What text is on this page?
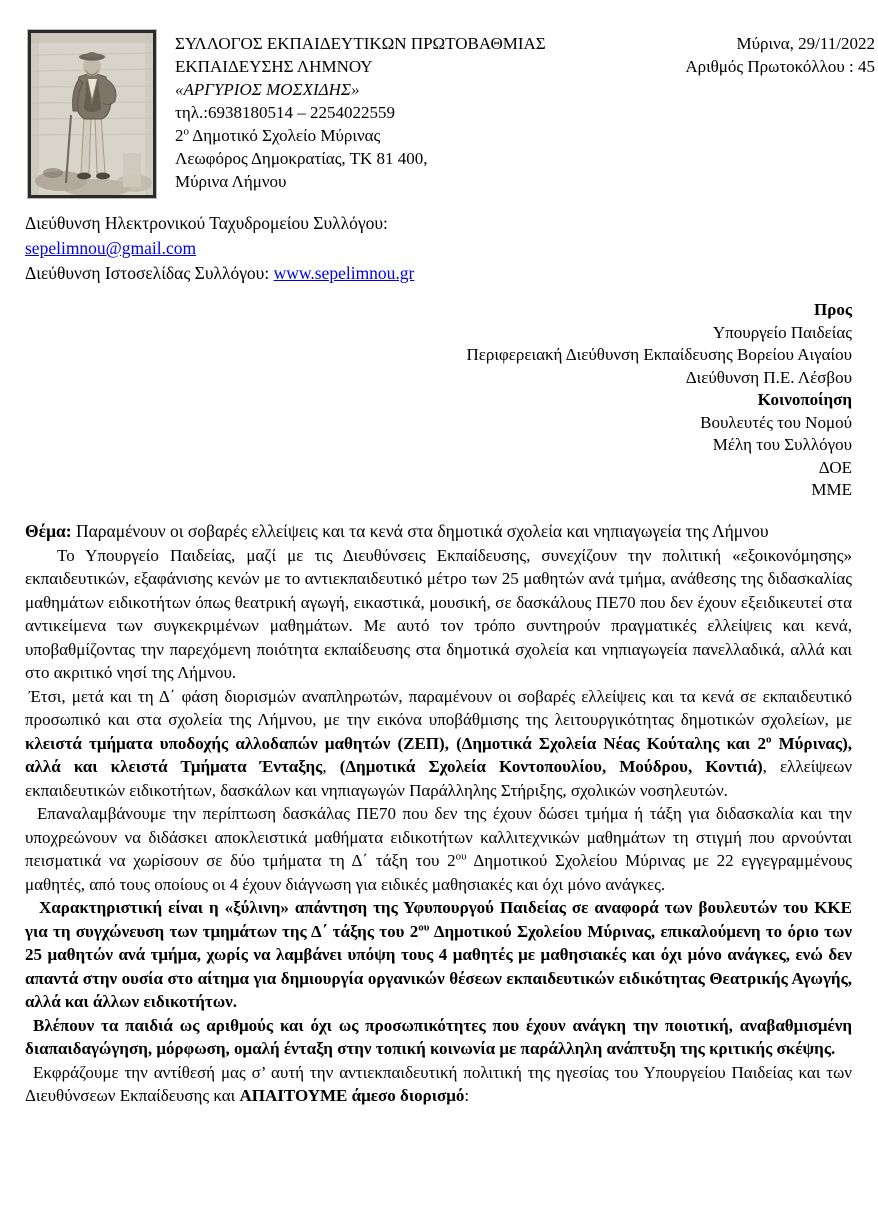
ΣΥΛΛΟΓΟΣ ΕΚΠΑΙΔΕΥΤΙΚΩΝ ΠΡΩΤΟΒΑΘΜΙΑΣ
ΕΚΠΑΙΔΕΥΣΗΣ ΛΗΜΝΟΥ
«ΑΡΓΥΡΙΟΣ ΜΟΣΧΙΔΗΣ»
τηλ.:6938180514 – 2254022559
$2^o$ Δημοτικό Σχολείο Μύρινας
Λεωφόρος Δημοκρατίας, ΤΚ 81 400,
Μύρινα Λήμνου
Μύρινα, 29/11/2022
Αριθμός Πρωτοκόλλου : 45
Διεύθυνση Ηλεκτρονικού Ταχυδρομείου Συλλόγου:
sepelimnou@gmail.com
Διεύθυνση Ιστοσελίδας Συλλόγου: www.sepelimnou.gr
Προς
Υπουργείο Παιδείας
Περιφερειακή Διεύθυνση Εκπαίδευσης Βορείου Αιγαίου
Διεύθυνση Π.Ε. Λέσβου
Κοινοποίηση
Βουλευτές του Νομού
Μέλη του Συλλόγου
ΔΟΕ
ΜΜΕ
Θέμα: Παραμένουν οι σοβαρές ελλείψεις και τα κενά στα δημοτικά σχολεία και νηπιαγωγεία της Λήμνου

Το Υπουργείο Παιδείας, μαζί με τις Διευθύνσεις Εκπαίδευσης, συνεχίζουν την πολιτική «εξοικονόμησης» εκπαιδευτικών, εξαφάνισης κενών με το αντιεκπαιδευτικό μέτρο των 25 μαθητών ανά τμήμα, ανάθεσης της διδασκαλίας μαθημάτων ειδικοτήτων όπως θεατρική αγωγή, εικαστικά, μουσική, σε δασκάλους ΠΕ70 που δεν έχουν εξειδικευτεί στα αντικείμενα των συγκεκριμένων μαθημάτων. Με αυτό τον τρόπο συντηρούν πραγματικές ελλείψεις και κενά, υποβαθμίζοντας την παρεχόμενη ποιότητα εκπαίδευσης στα δημοτικά σχολεία και νηπιαγωγεία πανελλαδικά, αλλά και στο ακριτικό νησί της Λήμνου.

Έτσι, μετά και τη Δ΄ φάση διορισμών αναπληρωτών, παραμένουν οι σοβαρές ελλείψεις και τα κενά σε εκπαιδευτικό προσωπικό και στα σχολεία της Λήμνου, με την εικόνα υποβάθμισης της λειτουργικότητας δημοτικών σχολείων, με κλειστά τμήματα υποδοχής αλλοδαπών μαθητών (ΖΕΠ), (Δημοτικά Σχολεία Νέας Κούταλης και $2^o$ Μύρινας), αλλά και κλειστά Τμήματα Ένταξης, (Δημοτικά Σχολεία Κοντοπουλίου, Μούδρου, Κοντιά), ελλείψεων εκπαιδευτικών ειδικοτήτων, δασκάλων και νηπιαγωγών Παράλληλης Στήριξης, σχολικών νοσηλευτών.

Επαναλαμβάνουμε την περίπτωση δασκάλας ΠΕ70 που δεν της έχουν δώσει τμήμα ή τάξη για διδασκαλία και την υποχρεώνουν να διδάσκει αποκλειστικά μαθήματα ειδικοτήτων καλλιτεχνικών μαθημάτων τη στιγμή που αρνούνται πεισματικά να χωρίσουν σε δύο τμήματα τη Δ΄ τάξη του $2^{o\upsilon}$ Δημοτικού Σχολείου Μύρινας με 22 εγγεγραμμένους μαθητές, από τους οποίους οι 4 έχουν διάγνωση για ειδικές μαθησιακές και όχι μόνο ανάγκες.

Χαρακτηριστική είναι η «ξύλινη» απάντηση της Υφυπουργού Παιδείας σε αναφορά των βουλευτών του ΚΚΕ για τη συγχώνευση των τμημάτων της Δ΄ τάξης του $2^{o\upsilon}$ Δημοτικού Σχολείου Μύρινας, επικαλούμενη το όριο των 25 μαθητών ανά τμήμα, χωρίς να λαμβάνει υπόψη τους 4 μαθητές με μαθησιακές και όχι μόνο ανάγκες, ενώ δεν απαντά στην ουσία στο αίτημα για δημιουργία οργανικών θέσεων εκπαιδευτικών ειδικότητας Θεατρικής Αγωγής, αλλά και άλλων ειδικοτήτων.

Βλέπουν τα παιδιά ως αριθμούς και όχι ως προσωπικότητες που έχουν ανάγκη την ποιοτική, αναβαθμισμένη διαπαιδαγώγηση, μόρφωση, ομαλή ένταξη στην τοπική κοινωνία με παράλληλη ανάπτυξη της κριτικής σκέψης.

Εκφράζουμε την αντίθεσή μας σ’ αυτή την αντιεκπαιδευτική πολιτική της ηγεσίας του Υπουργείου Παιδείας και των Διευθύνσεων Εκπαίδευσης και ΑΠΑΙΤΟΥΜΕ άμεσο διορισμό:
